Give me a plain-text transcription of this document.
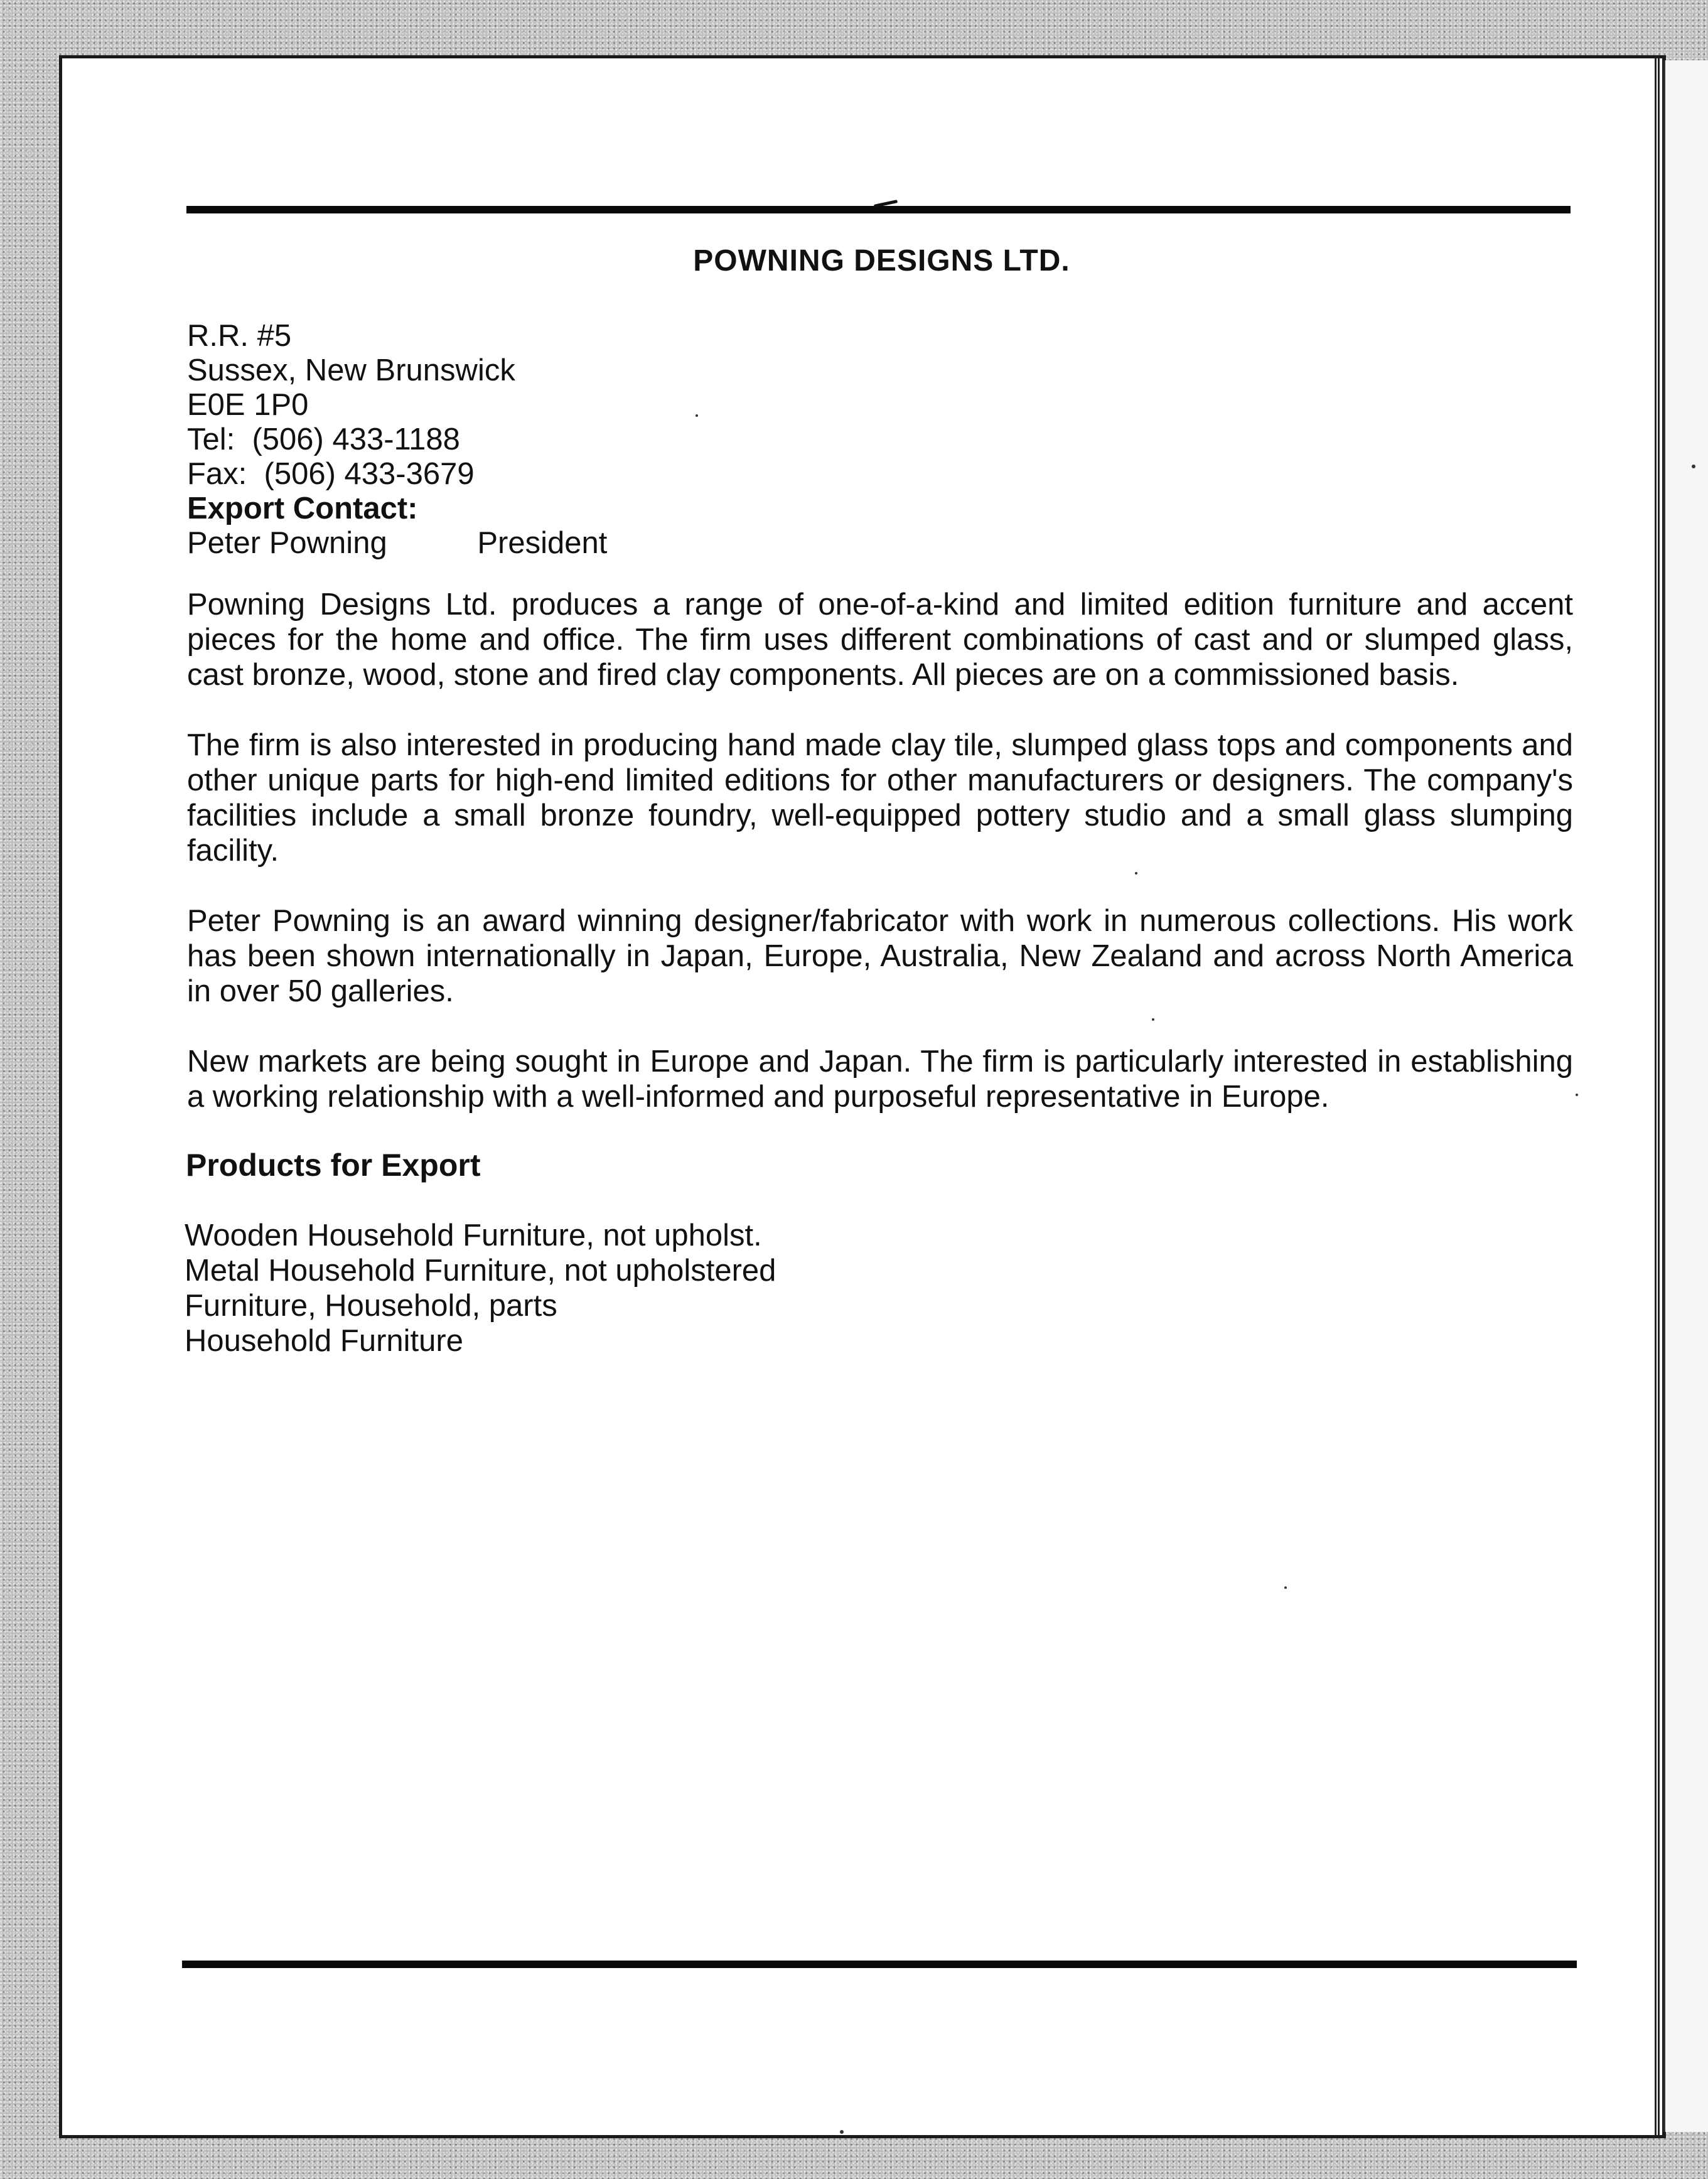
POWNING DESIGNS LTD.
R.R. #5
Sussex, New Brunswick
E0E 1P0
Tel:  (506) 433-1188
Fax:  (506) 433-3679
Export Contact:
Peter Powning	President

Powning Designs Ltd. produces a range of one-of-a-kind and limited edition furniture and accent pieces for the home and office. The firm uses different combinations of cast and or slumped glass, cast bronze, wood, stone and fired clay components. All pieces are on a commissioned basis.

The firm is also interested in producing hand made clay tile, slumped glass tops and components and other unique parts for high-end limited editions for other manufacturers or designers. The company's facilities include a small bronze foundry, well-equipped pottery studio and a small glass slumping facility.

Peter Powning is an award winning designer/fabricator with work in numerous collections. His work has been shown internationally in Japan, Europe, Australia, New Zealand and across North America in over 50 galleries.

New markets are being sought in Europe and Japan. The firm is particularly interested in establishing a working relationship with a well-informed and purposeful representative in Europe.

Products for Export
Wooden Household Furniture, not upholst.
Metal Household Furniture, not upholstered
Furniture, Household, parts
Household Furniture
